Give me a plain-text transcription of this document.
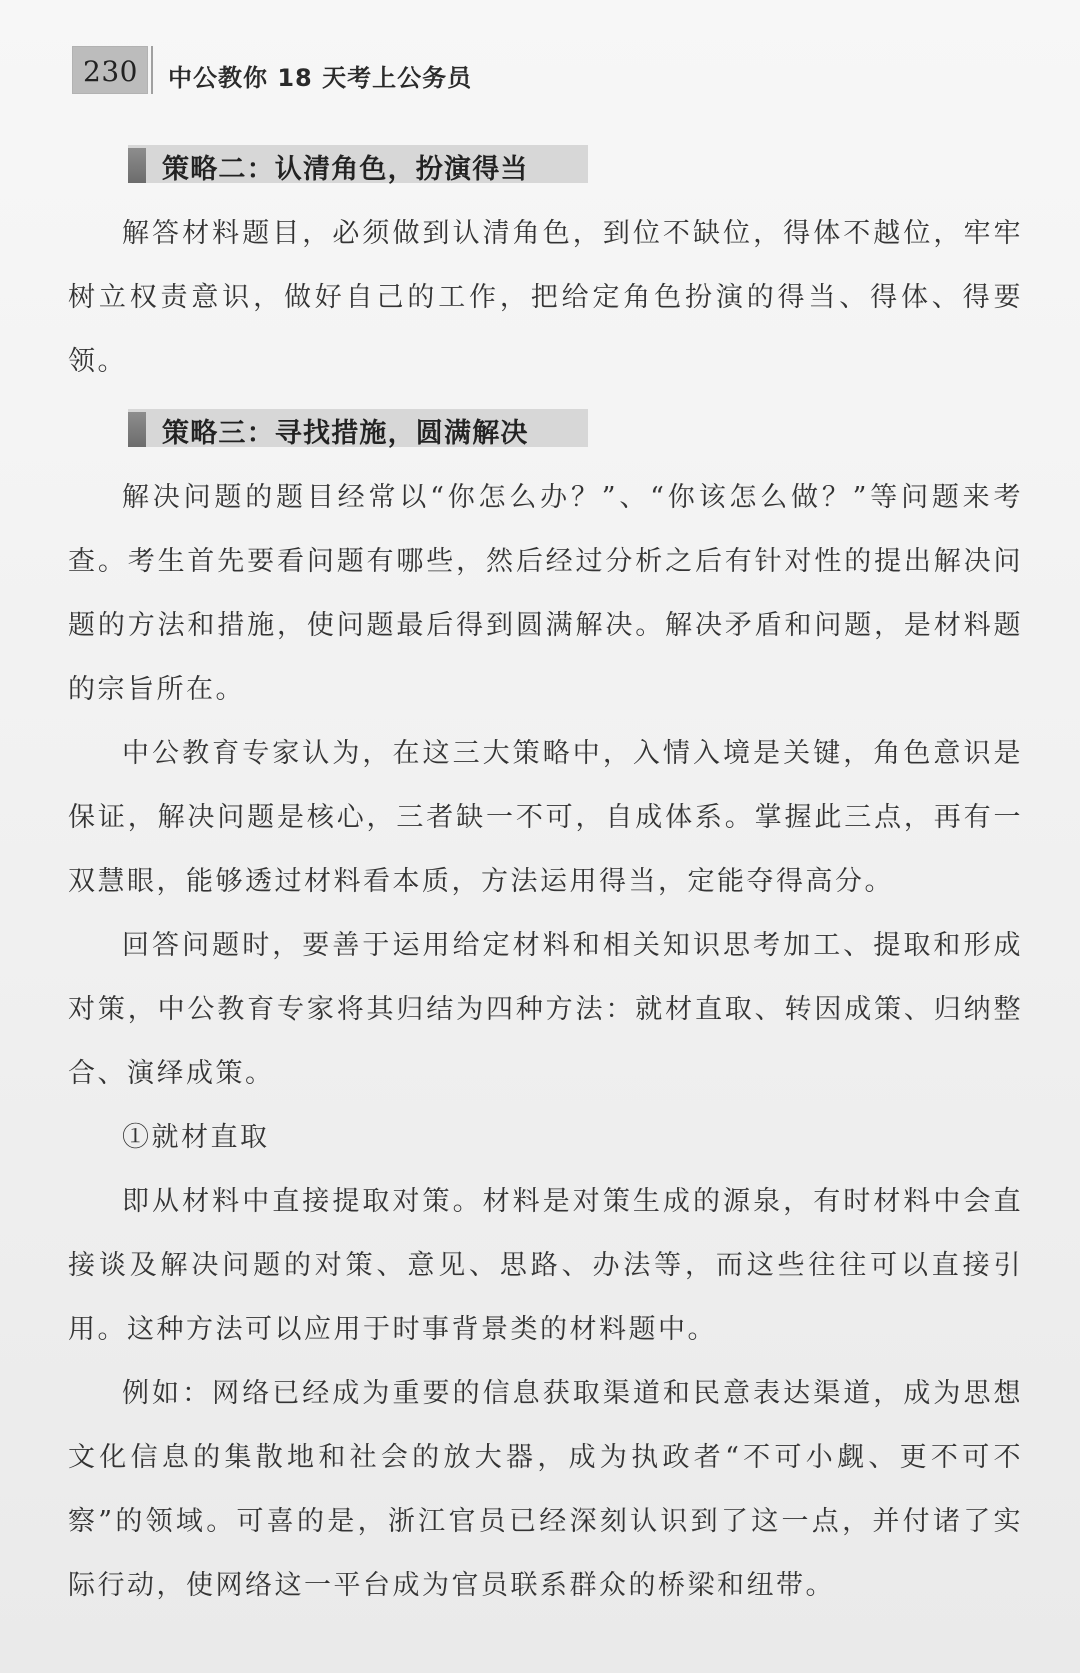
230 中公教你 18 天考上公务员
策略二：认清角色，扮演得当

解答材料题目，必须做到认清角色，到位不缺位，得体不越位，牢牢树立权责意识，做好自己的工作，把给定角色扮演的得当、得体、得要领。

策略三：寻找措施，圆满解决

解决问题的题目经常以“你怎么办？”、“你该怎么做？”等问题来考查。考生首先要看问题有哪些，然后经过分析之后有针对性的提出解决问题的方法和措施，使问题最后得到圆满解决。解决矛盾和问题，是材料题的宗旨所在。

中公教育专家认为，在这三大策略中，入情入境是关键，角色意识是保证，解决问题是核心，三者缺一不可，自成体系。掌握此三点，再有一双慧眼，能够透过材料看本质，方法运用得当，定能夺得高分。

回答问题时，要善于运用给定材料和相关知识思考加工、提取和形成对策，中公教育专家将其归结为四种方法：就材直取、转因成策、归纳整合、演绎成策。

①就材直取

即从材料中直接提取对策。材料是对策生成的源泉，有时材料中会直接谈及解决问题的对策、意见、思路、办法等，而这些往往可以直接引用。这种方法可以应用于时事背景类的材料题中。

例如：网络已经成为重要的信息获取渠道和民意表达渠道，成为思想文化信息的集散地和社会的放大器，成为执政者“不可小觑、更不可不察”的领域。可喜的是，浙江官员已经深刻认识到了这一点，并付诸了实际行动，使网络这一平台成为官员联系群众的桥梁和纽带。
